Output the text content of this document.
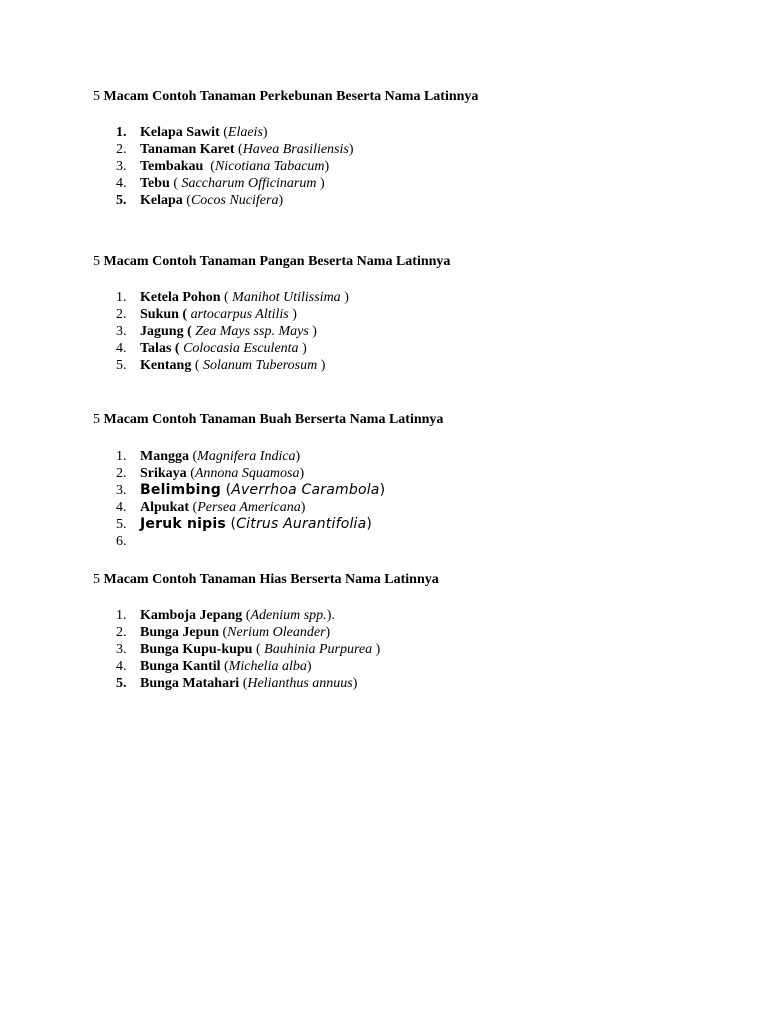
5 Macam Contoh Tanaman Perkebunan Beserta Nama Latinnya
1. Kelapa Sawit (Elaeis)
2. Tanaman Karet (Havea Brasiliensis)
3. Tembakau  (Nicotiana Tabacum)
4. Tebu ( Saccharum Officinarum )
5. Kelapa (Cocos Nucifera)
5 Macam Contoh Tanaman Pangan Beserta Nama Latinnya
1. Ketela Pohon ( Manihot Utilissima )
2. Sukun ( artocarpus Altilis )
3. Jagung ( Zea Mays ssp. Mays )
4. Talas ( Colocasia Esculenta )
5. Kentang ( Solanum Tuberosum )
5 Macam Contoh Tanaman Buah Berserta Nama Latinnya
1. Mangga (Magnifera Indica)
2. Srikaya (Annona Squamosa)
3. Belimbing (Averrhoa Carambola)
4. Alpukat (Persea Americana)
5. Jeruk nipis (Citrus Aurantifolia)
6.
5 Macam Contoh Tanaman Hias Berserta Nama Latinnya
1. Kamboja Jepang (Adenium spp.).
2. Bunga Jepun (Nerium Oleander)
3. Bunga Kupu-kupu ( Bauhinia Purpurea )
4. Bunga Kantil (Michelia alba)
5. Bunga Matahari (Helianthus annuus)
